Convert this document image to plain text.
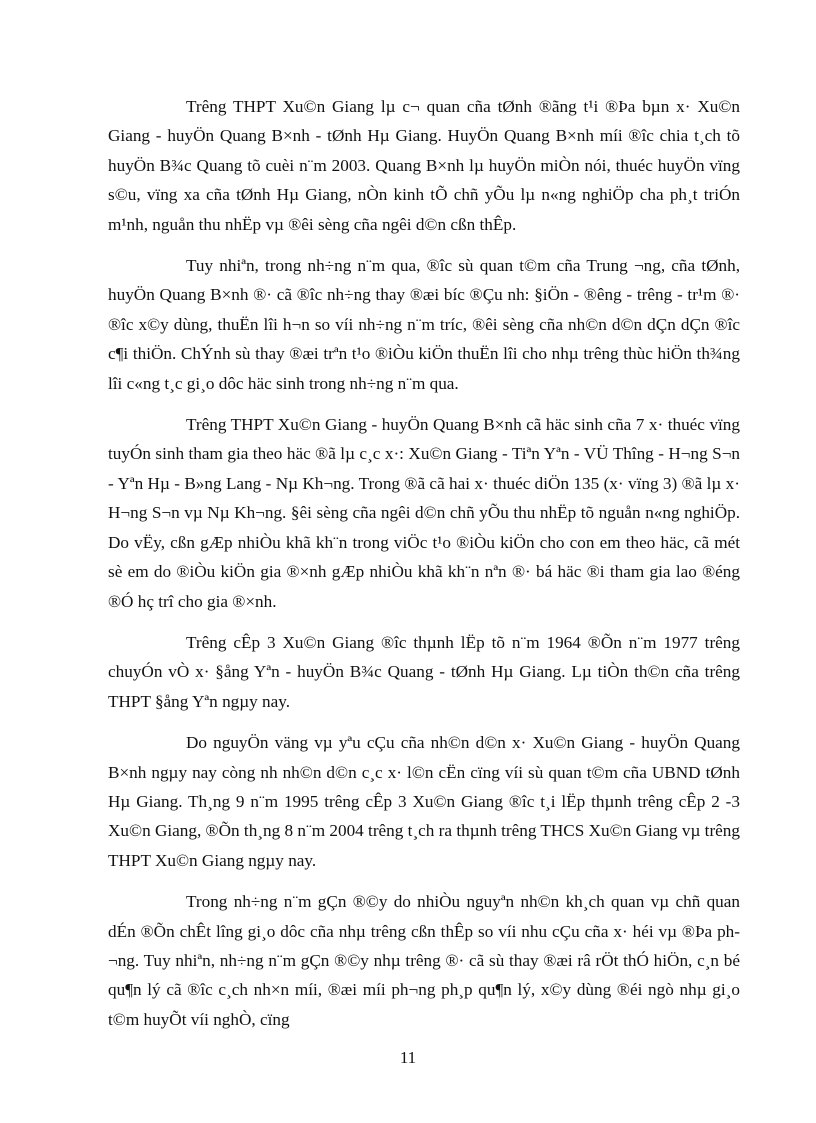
Trêng THPT Xu©n Giang lµ c¬ quan cña tØnh ®ãng t¹i ®Þa bµn x· Xu©n Giang - huyÖn Quang B×nh - tØnh Hµ Giang. HuyÖn Quang B×nh míi ®îc chia t¸ch tõ huyÖn B¾c Quang tõ cuèi n¨m 2003. Quang B×nh lµ huyÖn miÒn nói, thuéc huyÖn vïng s©u, vïng xa cña tØnh Hµ Giang, nÒn kinh tÕ chñ yÕu lµ n«ng nghiÖp cha ph¸t triÓn m¹nh, nguån thu nhËp vµ ®êi sèng cña ngêi d©n cßn thÊp.

Tuy nhiªn, trong nh÷ng n¨m qua, ®îc sù quan t©m cña Trung ¬ng, cña tØnh, huyÖn Quang B×nh ®· cã ®îc nh÷ng thay ®æi bíc ®Çu nh: §iÖn - ®êng - trêng - tr¹m ®· ®îc x©y dùng, thuËn lîi h¬n so víi nh÷ng n¨m tríc, ®êi sèng cña nh©n d©n dÇn dÇn ®îc c¶i thiÖn. ChÝnh sù thay ®æi trªn t¹o ®iÒu kiÖn thuËn lîi cho nhµ trêng thùc hiÖn th¾ng lîi c«ng t¸c gi¸o dôc häc sinh trong nh÷ng n¨m qua.

Trêng THPT Xu©n Giang - huyÖn Quang B×nh cã häc sinh cña 7 x· thuéc vïng tuyÓn sinh tham gia theo häc ®ã lµ c¸c x·: Xu©n Giang - Tiªn Yªn - VÜ Thîng - H¬ng S¬n - Yªn Hµ - B»ng Lang - Nµ Kh¬ng. Trong ®ã cã hai x· thuéc diÖn 135 (x· vïng 3) ®ã lµ x· H¬ng S¬n vµ Nµ Kh¬ng. §êi sèng cña ngêi d©n chñ yÕu thu nhËp tõ nguån n«ng nghiÖp. Do vËy, cßn gÆp nhiÒu khã kh¨n trong viÖc t¹o ®iÒu kiÖn cho con em theo häc, cã mét sè em do ®iÒu kiÖn gia ®×nh gÆp nhiÒu khã kh¨n nªn ®· bá häc ®i tham gia lao ®éng ®Ó hç trî cho gia ®×nh.

Trêng cÊp 3 Xu©n Giang ®îc thµnh lËp tõ n¨m 1964 ®Õn n¨m 1977 trêng chuyÓn vÒ x· §ång Yªn - huyÖn B¾c Quang - tØnh Hµ Giang. Lµ tiÒn th©n cña trêng THPT §ång Yªn ngµy nay.

Do nguyÖn väng vµ yªu cÇu cña nh©n d©n x· Xu©n Giang - huyÖn Quang B×nh ngµy nay còng nh nh©n d©n c¸c x· l©n cËn cïng víi sù quan t©m cña UBND tØnh Hµ Giang. Th¸ng 9 n¨m 1995 trêng cÊp 3 Xu©n Giang ®îc t¸i lËp thµnh trêng cÊp 2 -3 Xu©n Giang, ®Õn th¸ng 8 n¨m 2004 trêng t¸ch ra thµnh trêng THCS Xu©n Giang vµ trêng THPT Xu©n Giang ngµy nay.

Trong nh÷ng n¨m gÇn ®©y do nhiÒu nguyªn nh©n kh¸ch quan vµ chñ quan dÉn ®Õn chÊt lîng gi¸o dôc cña nhµ trêng cßn thÊp so víi nhu cÇu cña x· héi vµ ®Þa ph¬ng. Tuy nhiªn, nh÷ng n¨m gÇn ®©y nhµ trêng ®· cã sù thay ®æi râ rÖt thÓ hiÖn, c¸n bé qu¶n lý cã ®îc c¸ch nh×n míi, ®æi míi ph¬ng ph¸p qu¶n lý, x©y dùng ®éi ngò nhµ gi¸o t©m huyÕt víi nghÒ, cïng

11
